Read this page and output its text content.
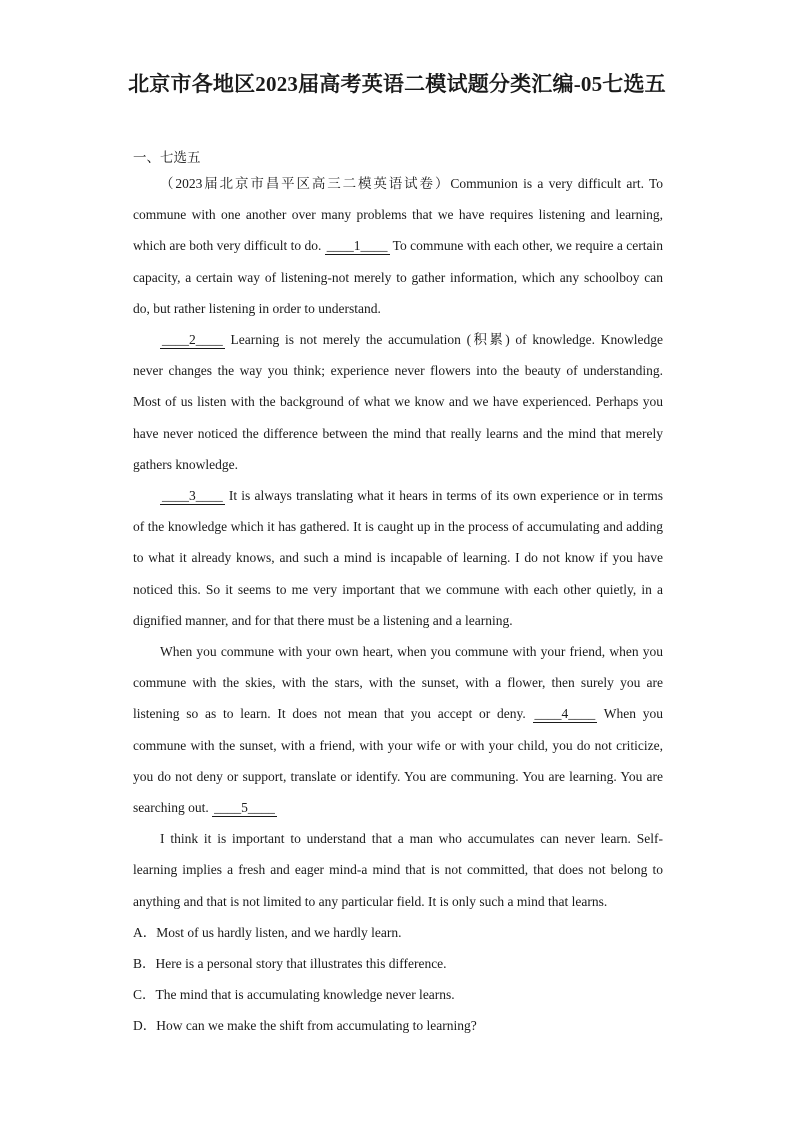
北京市各地区2023届高考英语二模试题分类汇编-05七选五
一、七选五

（2023届北京市昌平区高三二模英语试卷）Communion is a very difficult art. To commune with one another over many problems that we have requires listening and learning, which are both very difficult to do. ____1____ To commune with each other, we require a certain capacity, a certain way of listening-not merely to gather information, which any schoolboy can do, but rather listening in order to understand.

____2____ Learning is not merely the accumulation (积累) of knowledge. Knowledge never changes the way you think; experience never flowers into the beauty of understanding. Most of us listen with the background of what we know and we have experienced. Perhaps you have never noticed the difference between the mind that really learns and the mind that merely gathers knowledge.

____3____ It is always translating what it hears in terms of its own experience or in terms of the knowledge which it has gathered. It is caught up in the process of accumulating and adding to what it already knows, and such a mind is incapable of learning. I do not know if you have noticed this. So it seems to me very important that we commune with each other quietly, in a dignified manner, and for that there must be a listening and a learning.

When you commune with your own heart, when you commune with your friend, when you commune with the skies, with the stars, with the sunset, with a flower, then surely you are listening so as to learn. It does not mean that you accept or deny. ____4____ When you commune with the sunset, with a friend, with your wife or with your child, you do not criticize, you do not deny or support, translate or identify. You are communing. You are learning. You are searching out. ____5____

I think it is important to understand that a man who accumulates can never learn. Self-learning implies a fresh and eager mind-a mind that is not committed, that does not belong to anything and that is not limited to any particular field. It is only such a mind that learns.

A．Most of us hardly listen, and we hardly learn.

B．Here is a personal story that illustrates this difference.

C．The mind that is accumulating knowledge never learns.

D．How can we make the shift from accumulating to learning?
